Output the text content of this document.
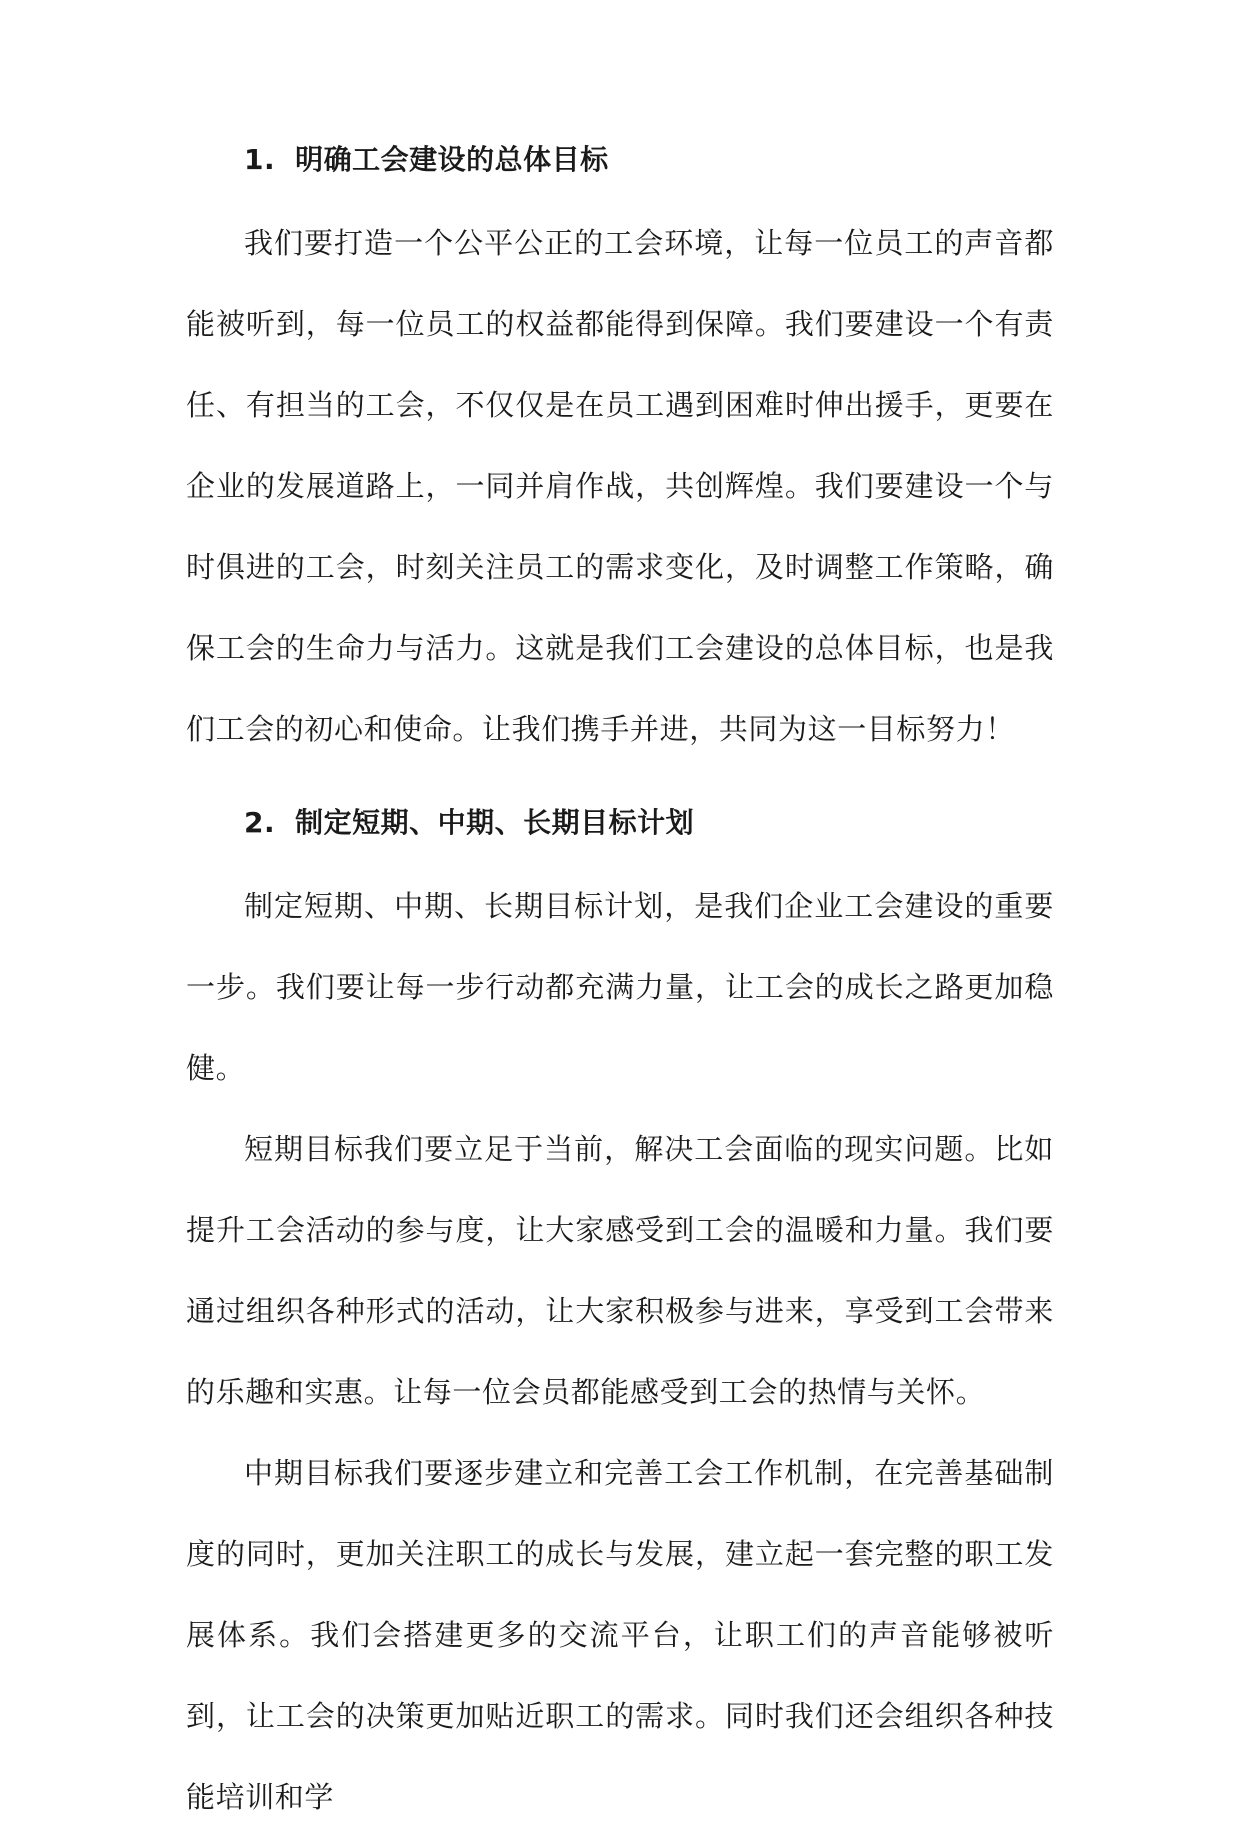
1. 明确工会建设的总体目标

我们要打造一个公平公正的工会环境，让每一位员工的声音都能被听到，每一位员工的权益都能得到保障。我们要建设一个有责任、有担当的工会，不仅仅是在员工遇到困难时伸出援手，更要在企业的发展道路上，一同并肩作战，共创辉煌。我们要建设一个与时俱进的工会，时刻关注员工的需求变化，及时调整工作策略，确保工会的生命力与活力。这就是我们工会建设的总体目标，也是我们工会的初心和使命。让我们携手并进，共同为这一目标努力！

2. 制定短期、中期、长期目标计划

制定短期、中期、长期目标计划，是我们企业工会建设的重要一步。我们要让每一步行动都充满力量，让工会的成长之路更加稳健。

短期目标我们要立足于当前，解决工会面临的现实问题。比如提升工会活动的参与度，让大家感受到工会的温暖和力量。我们要通过组织各种形式的活动，让大家积极参与进来，享受到工会带来的乐趣和实惠。让每一位会员都能感受到工会的热情与关怀。

中期目标我们要逐步建立和完善工会工作机制，在完善基础制度的同时，更加关注职工的成长与发展，建立起一套完整的职工发展体系。我们会搭建更多的交流平台，让职工们的声音能够被听到，让工会的决策更加贴近职工的需求。同时我们还会组织各种技能培训和学
